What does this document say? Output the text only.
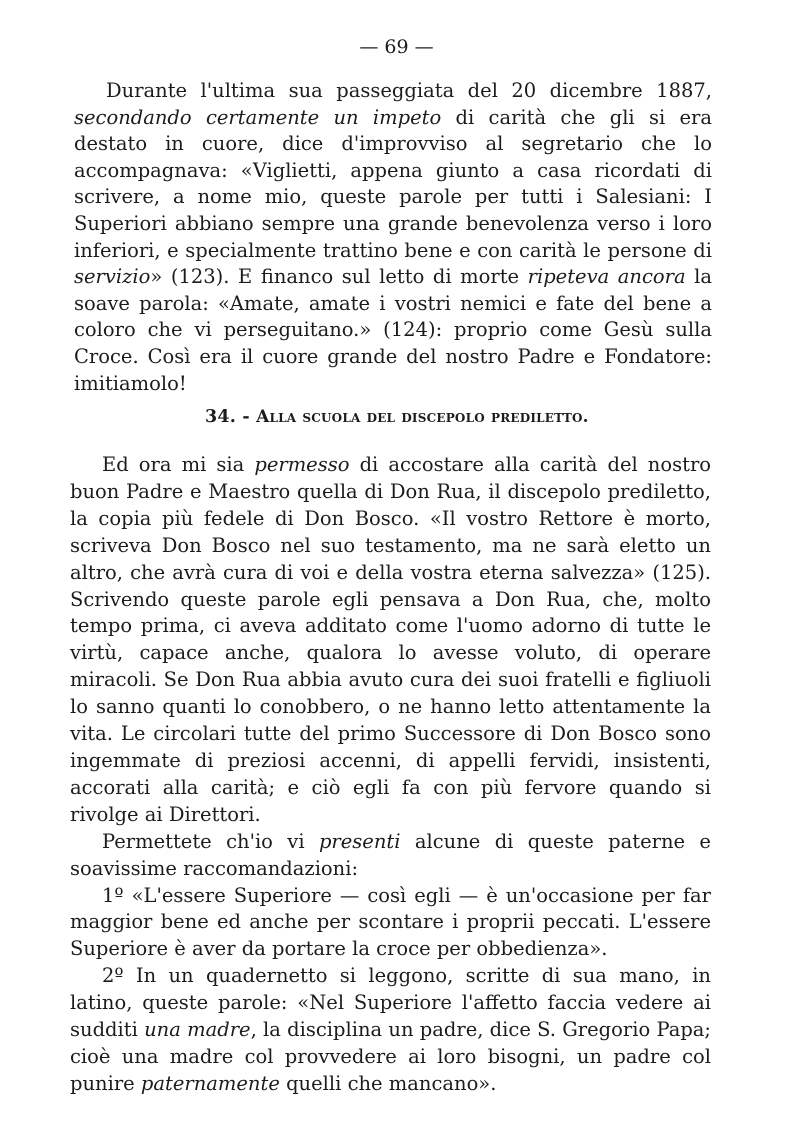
— 69 —

Durante l'ultima sua passeggiata del 20 dicembre 1887, secondando certamente un impeto di carità che gli si era destato in cuore, dice d'improvviso al segretario che lo accompagnava: «Viglietti, appena giunto a casa ricordati di scrivere, a nome mio, queste parole per tutti i Salesiani: I Superiori abbiano sempre una grande benevolenza verso i loro inferiori, e specialmente trattino bene e con carità le persone di servizio» (123). E financo sul letto di morte ripeteva ancora la soave parola: «Amate, amate i vostri nemici e fate del bene a coloro che vi perseguitano.» (124): proprio come Gesù sulla Croce. Così era il cuore grande del nostro Padre e Fondatore: imitiamolo!

34. - Alla scuola del discepolo prediletto.

Ed ora mi sia permesso di accostare alla carità del nostro buon Padre e Maestro quella di Don Rua, il discepolo prediletto, la copia più fedele di Don Bosco. «Il vostro Rettore è morto, scriveva Don Bosco nel suo testamento, ma ne sarà eletto un altro, che avrà cura di voi e della vostra eterna salvezza» (125). Scrivendo queste parole egli pensava a Don Rua, che, molto tempo prima, ci aveva additato come l'uomo adorno di tutte le virtù, capace anche, qualora lo avesse voluto, di operare miracoli. Se Don Rua abbia avuto cura dei suoi fratelli e figliuoli lo sanno quanti lo conobbero, o ne hanno letto attentamente la vita. Le circolari tutte del primo Successore di Don Bosco sono ingemmate di preziosi accenni, di appelli fervidi, insistenti, accorati alla carità; e ciò egli fa con più fervore quando si rivolge ai Direttori.

Permettete ch'io vi presenti alcune di queste paterne e soavissime raccomandazioni:

1º «L'essere Superiore — così egli — è un'occasione per far maggior bene ed anche per scontare i proprii peccati. L'essere Superiore è aver da portare la croce per obbedienza».

2º In un quadernetto si leggono, scritte di sua mano, in latino, queste parole: «Nel Superiore l'affetto faccia vedere ai sudditi una madre, la disciplina un padre, dice S. Gregorio Papa; cioè una madre col provvedere ai loro bisogni, un padre col punire paternamente quelli che mancano».
